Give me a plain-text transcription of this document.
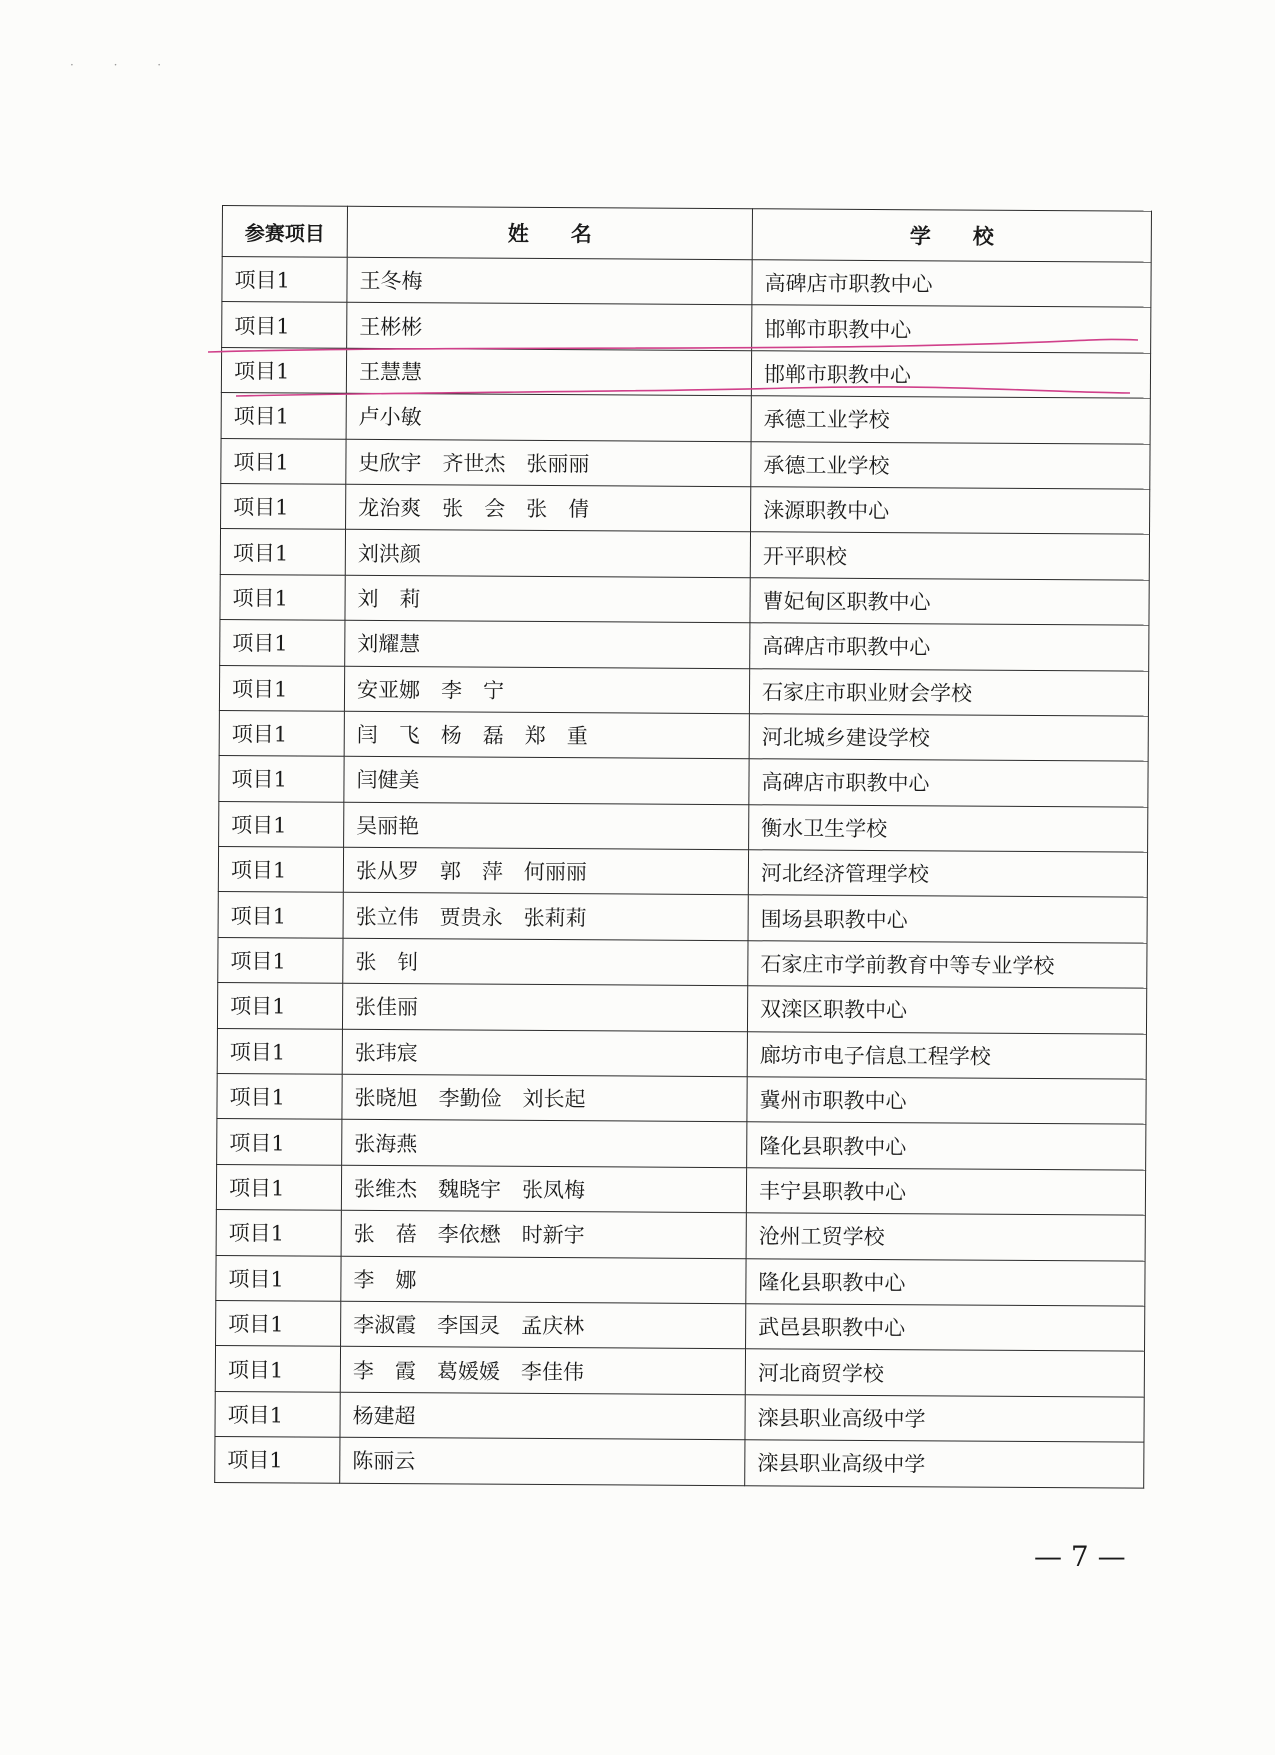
· · ·
参赛项目	姓　　名	学　　校
项目1	王冬梅	高碑店市职教中心
项目1	王彬彬	邯郸市职教中心
项目1	王慧慧	邯郸市职教中心
项目1	卢小敏	承德工业学校
项目1	史欣宇　齐世杰　张丽丽	承德工业学校
项目1	龙治爽　张　会　张　倩	涞源职教中心
项目1	刘洪颜	开平职校
项目1	刘　莉	曹妃甸区职教中心
项目1	刘耀慧	高碑店市职教中心
项目1	安亚娜　李　宁	石家庄市职业财会学校
项目1	闫　飞　杨　磊　郑　重	河北城乡建设学校
项目1	闫健美	高碑店市职教中心
项目1	吴丽艳	衡水卫生学校
项目1	张从罗　郭　萍　何丽丽	河北经济管理学校
项目1	张立伟　贾贵永　张莉莉	围场县职教中心
项目1	张　钊	石家庄市学前教育中等专业学校
项目1	张佳丽	双滦区职教中心
项目1	张玮宸	廊坊市电子信息工程学校
项目1	张晓旭　李勤俭　刘长起	冀州市职教中心
项目1	张海燕	隆化县职教中心
项目1	张维杰　魏晓宇　张凤梅	丰宁县职教中心
项目1	张　蓓　李依懋　时新宇	沧州工贸学校
项目1	李　娜	隆化县职教中心
项目1	李淑霞　李国灵　孟庆林	武邑县职教中心
项目1	李　霞　葛媛媛　李佳伟	河北商贸学校
项目1	杨建超	滦县职业高级中学
项目1	陈丽云	滦县职业高级中学
— 7 —
